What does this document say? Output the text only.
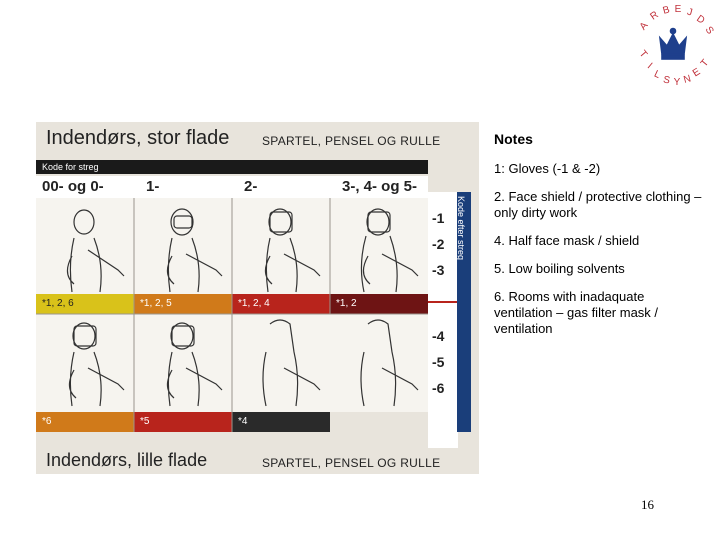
A
R B E J
D
S
T
I
L S Y N
E
T
Indendørs, stor flade	SPARTEL, PENSEL OG RULLE
Kode for streg
00- og 0-	1-	2-	3-, 4- og 5-
Kode efter streg
-1
-2
-3
-4
-5
-6
*1, 2, 6	*1, 2, 5	*1, 2, 4	*1, 2
*6	*5	*4
Indendørs, lille flade	SPARTEL, PENSEL OG RULLE

Notes

1: Gloves (-1 & -2)

2. Face shield / protective clothing – only dirty work

4. Half face mask / shield

5. Low boiling solvents

6. Rooms with inadaquate ventilation – gas filter mask / ventilation

16
